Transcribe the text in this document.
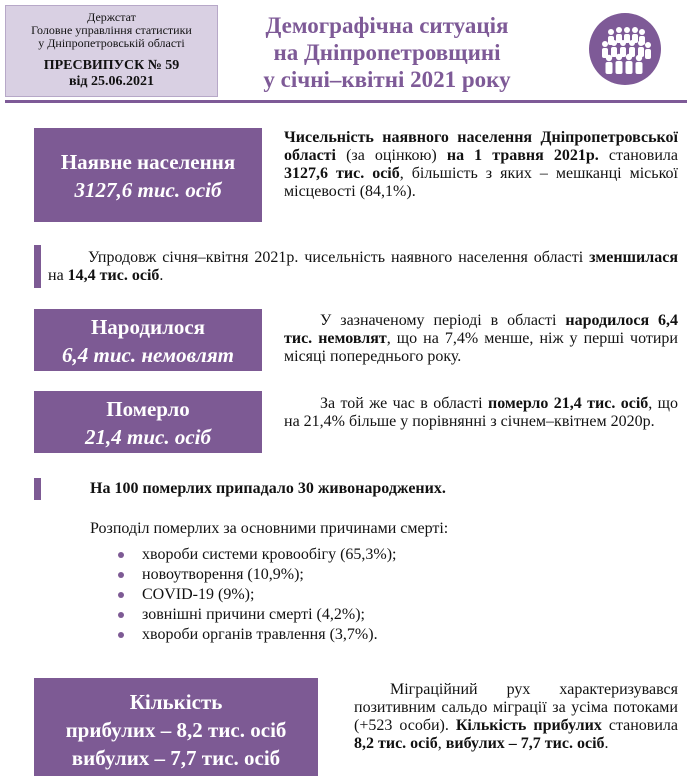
Держстат
Головне управління статистики
у Дніпропетровській області
ПРЕСВИПУСК № 59
від 25.06.2021
Демографічна ситуація
на Дніпропетровщині
у січні–квітні 2021 року
Наявне населення
3127,6 тис. осіб
Чисельність наявного населення Дніпропетровської області (за оцінкою) на 1 травня 2021р. становила 3127,6 тис. осіб, більшість з яких – мешканці міської місцевості (84,1%).
Упродовж січня–квітня 2021р. чисельність наявного населення області зменшилася на 14,4 тис. осіб.
Народилося
6,4 тис. немовлят
У зазначеному періоді в області народилося 6,4 тис. немовлят, що на 7,4% менше, ніж у перші чотири місяці попереднього року.
Померло
21,4 тис. осіб
За той же час в області померло 21,4 тис. осіб, що на 21,4% більше у порівнянні з січнем–квітнем 2020р.
На 100 померлих припадало 30 живонароджених.
Розподіл померлих за основними причинами смерті:
хвороби системи кровообігу (65,3%);
новоутворення (10,9%);
COVID-19 (9%);
зовнішні причини смерті (4,2%);
хвороби органів травлення (3,7%).
Кількість
прибулих – 8,2 тис. осіб
вибулих – 7,7 тис. осіб
Міграційний рух характеризувався позитивним сальдо міграції за усіма потоками (+523 особи). Кількість прибулих становила 8,2 тис. осіб, вибулих – 7,7 тис. осіб.
